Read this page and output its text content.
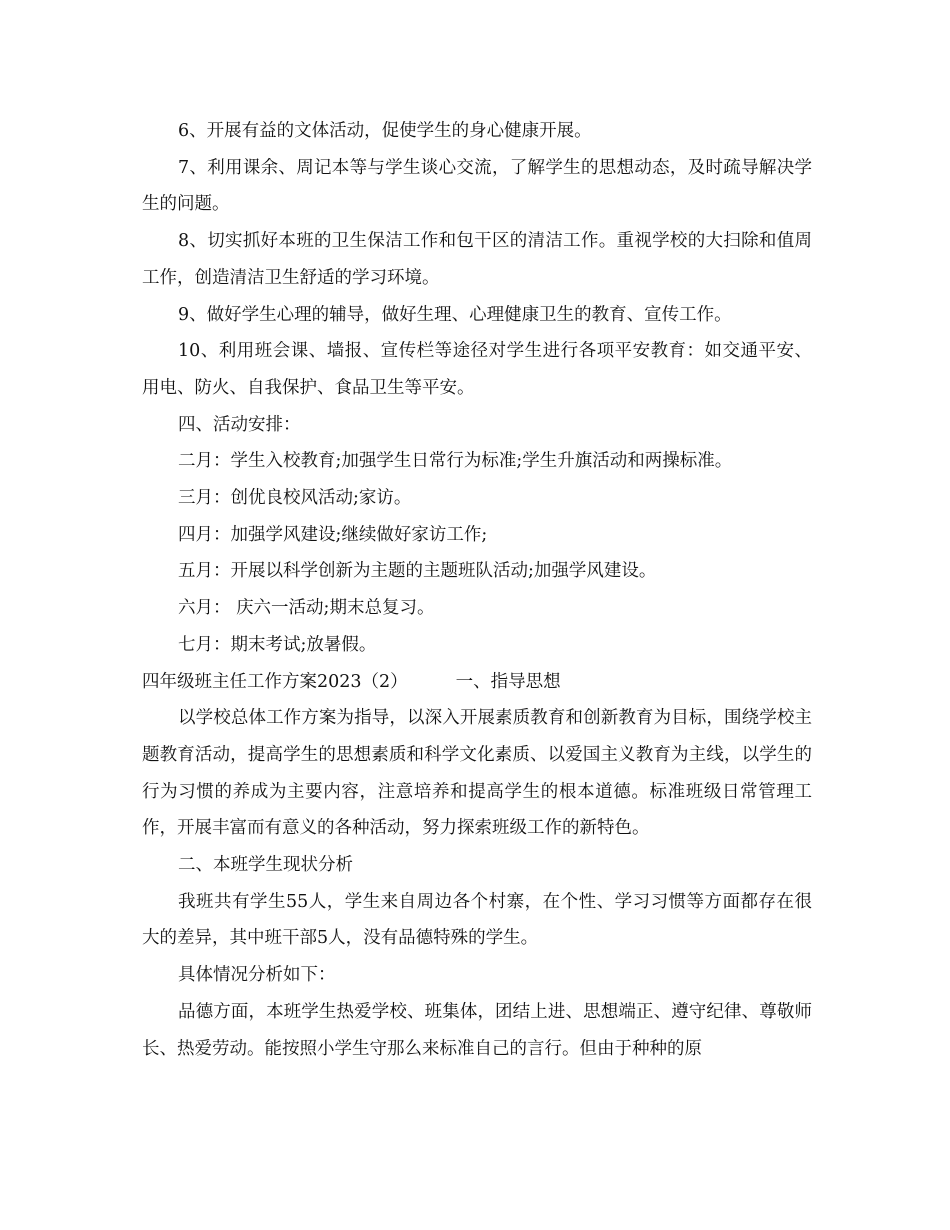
6、开展有益的文体活动，促使学生的身心健康开展。

7、利用课余、周记本等与学生谈心交流，了解学生的思想动态，及时疏导解决学生的问题。

8、切实抓好本班的卫生保洁工作和包干区的清洁工作。重视学校的大扫除和值周工作，创造清洁卫生舒适的学习环境。

9、做好学生心理的辅导，做好生理、心理健康卫生的教育、宣传工作。

10、利用班会课、墙报、宣传栏等途径对学生进行各项平安教育：如交通平安、用电、防火、自我保护、食品卫生等平安。

四、活动安排：

二月：学生入校教育;加强学生日常行为标准;学生升旗活动和两操标准。

三月：创优良校风活动;家访。

四月：加强学风建设;继续做好家访工作;

五月：开展以科学创新为主题的主题班队活动;加强学风建设。

六月： 庆六一活动;期末总复习。

七月：期末考试;放暑假。

四年级班主任工作方案2023（2）	一、指导思想

以学校总体工作方案为指导，以深入开展素质教育和创新教育为目标，围绕学校主题教育活动，提高学生的思想素质和科学文化素质、以爱国主义教育为主线，以学生的行为习惯的养成为主要内容，注意培养和提高学生的根本道德。标准班级日常管理工作，开展丰富而有意义的各种活动，努力探索班级工作的新特色。

二、本班学生现状分析

我班共有学生55人，学生来自周边各个村寨，在个性、学习习惯等方面都存在很大的差异，其中班干部5人，没有品德特殊的学生。

具体情况分析如下：

品德方面，本班学生热爱学校、班集体，团结上进、思想端正、遵守纪律、尊敬师长、热爱劳动。能按照小学生守那么来标准自己的言行。但由于种种的原
